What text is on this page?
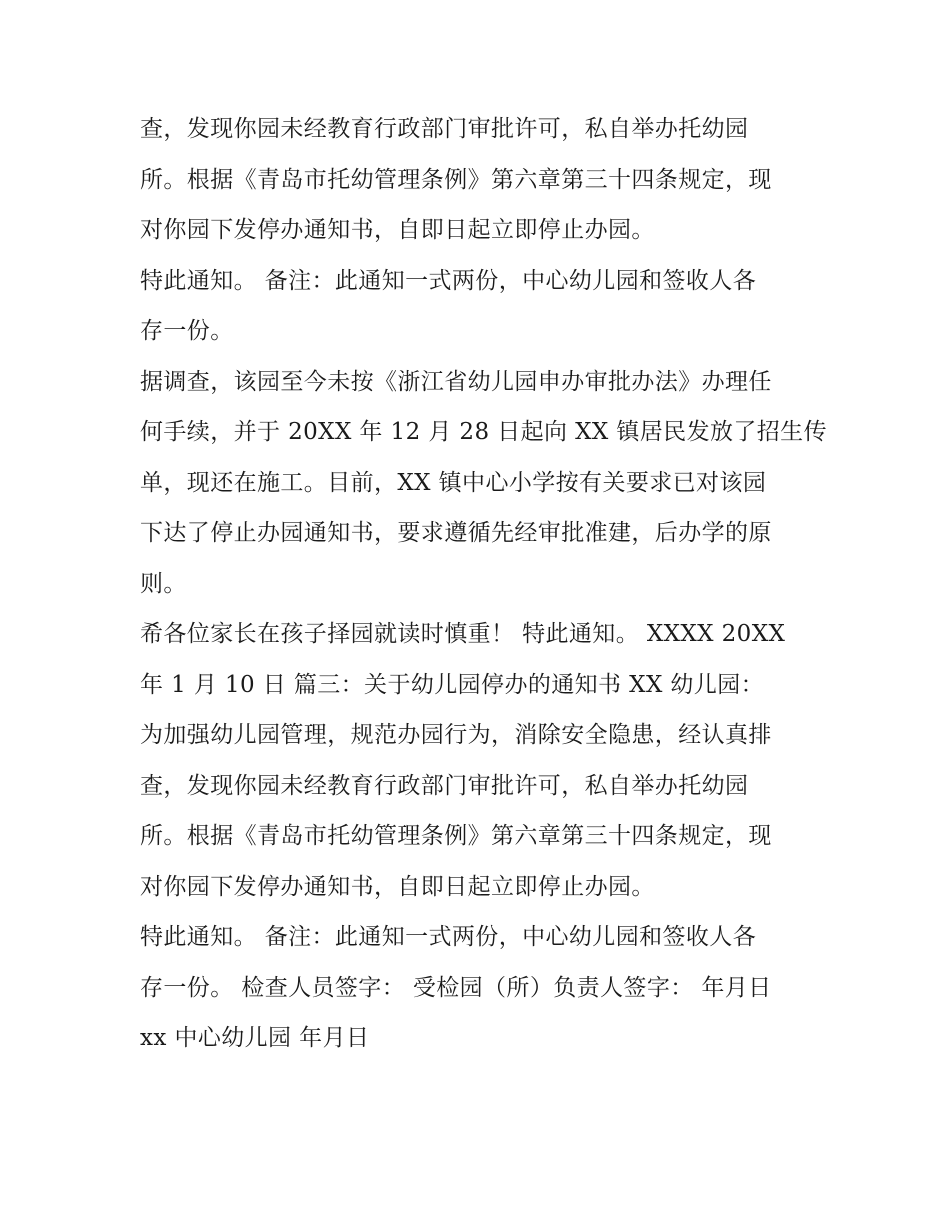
查，发现你园未经教育行政部门审批许可，私自举办托幼园
所。根据《青岛市托幼管理条例》第六章第三十四条规定，现
对你园下发停办通知书，自即日起立即停止办园。
特此通知。 备注：此通知一式两份，中心幼儿园和签收人各
存一份。
据调查，该园至今未按《浙江省幼儿园申办审批办法》办理任
何手续，并于 20XX 年 12 月 28 日起向 XX 镇居民发放了招生传
单，现还在施工。目前，XX 镇中心小学按有关要求已对该园
下达了停止办园通知书，要求遵循先经审批准建，后办学的原
则。
希各位家长在孩子择园就读时慎重！ 特此通知。 XXXX 20XX
年 1 月 10 日 篇三：关于幼儿园停办的通知书 XX 幼儿园：
为加强幼儿园管理，规范办园行为，消除安全隐患，经认真排
查，发现你园未经教育行政部门审批许可，私自举办托幼园
所。根据《青岛市托幼管理条例》第六章第三十四条规定，现
对你园下发停办通知书，自即日起立即停止办园。
特此通知。 备注：此通知一式两份，中心幼儿园和签收人各
存一份。 检查人员签字： 受检园（所）负责人签字： 年月日
xx 中心幼儿园 年月日
